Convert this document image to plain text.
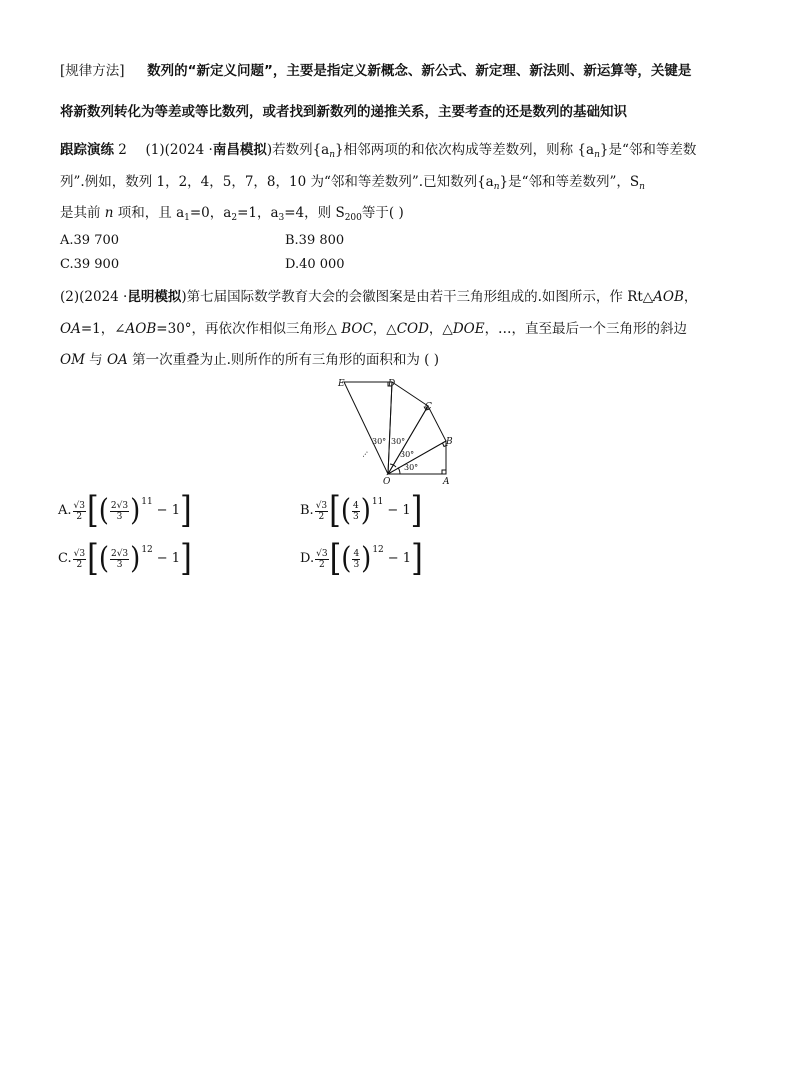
[规律方法] 数列的“新定义问题”，主要是指定义新概念、新公式、新定理、新法则、新运算等，关键是
将新数列转化为等差或等比数列，或者找到新数列的递推关系，主要考查的还是数列的基础知识
跟踪演练 2 (1)(2024 ·南昌模拟)若数列$\{a_n\}$相邻两项的和依次构成等差数列，则称 $\{a_n\}$是“邻和等差数
列”.例如，数列 1，2，4，5，7，8，10 为“邻和等差数列”.已知数列$\{a_n\}$是“邻和等差数列”，$S_n$
是其前 n 项和，且 $a_1=0$，$a_2=1$，$a_3=4$，则 $S_{200}$等于( )
A.39 700	B.39 800
C.39 900	D.40 000
(2)(2024 ·昆明模拟)第七届国际数学教育大会的会徽图案是由若干三角形组成的.如图所示，作 Rt△AOB，
OA=1，∠AOB=30°，再依次作相似三角形△ BOC，△COD，△DOE，…，直至最后一个三角形的斜边
OM 与 OA 第一次重叠为止.则所作的所有三角形的面积和为 ( )
E	D
C
B
A
O
30° 30°
30°
30°
…
A. $\frac{√3}{2}$ [ ( $\frac{2√3}{3} )^{11}$
− 1 ]	B. $\frac{√3}{2}$ [ ( $\frac{4}{3} )^{11}$
− 1 ]
C. $\frac{√3}{2}$ [ ( $\frac{2√3}{3} )^{12}$
− 1 ]	D. $\frac{√3}{2}$ [ ( $\frac{4}{3} )^{12}$
− 1 ]
